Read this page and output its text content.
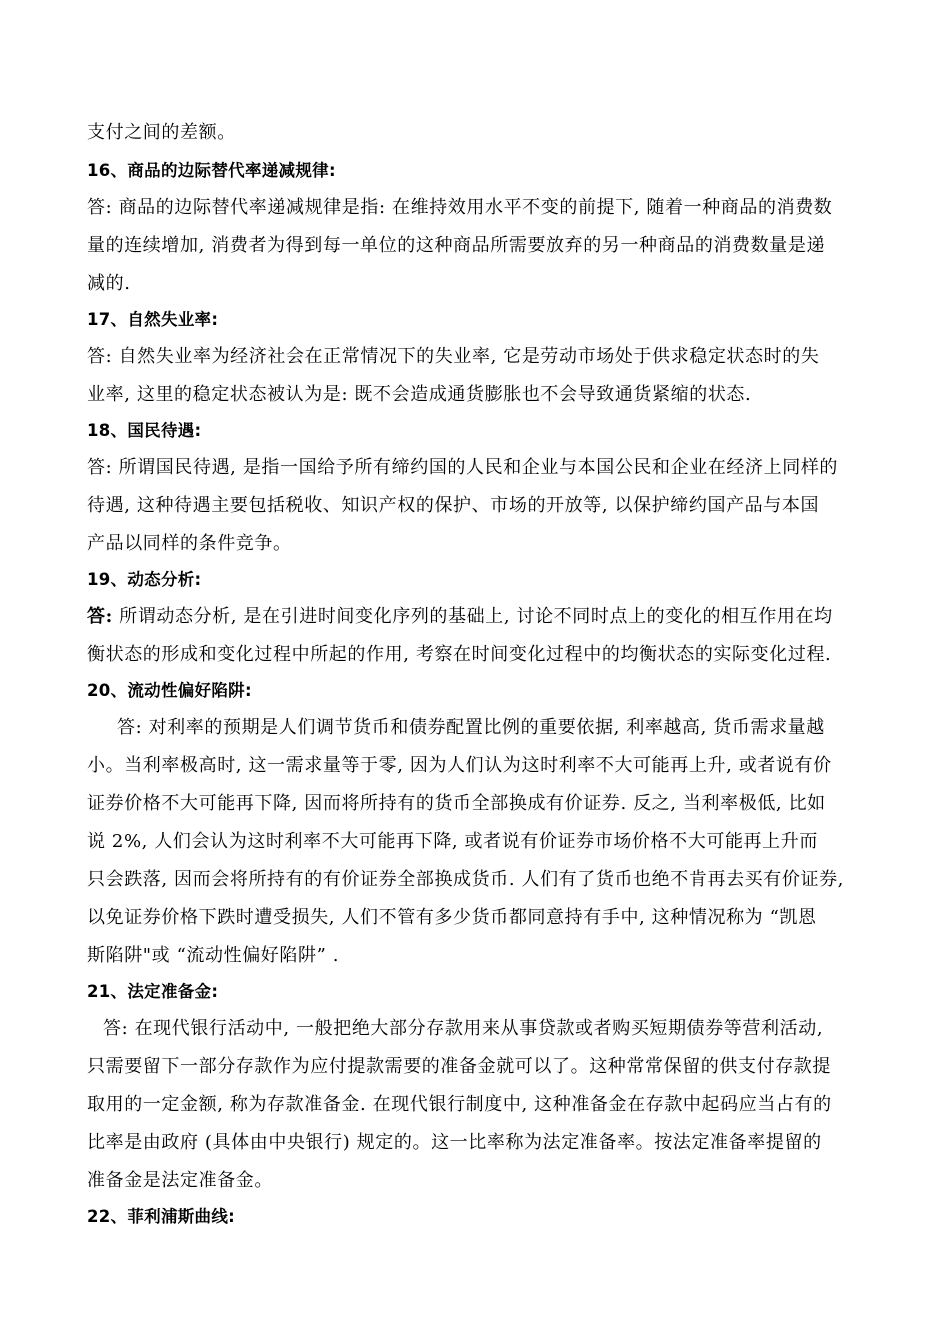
支付之间的差额。
16、商品的边际替代率递减规律:
答: 商品的边际替代率递减规律是指: 在维持效用水平不变的前提下, 随着一种商品的消费数
量的连续增加, 消费者为得到每一单位的这种商品所需要放弃的另一种商品的消费数量是递
减的.
17、自然失业率:
答: 自然失业率为经济社会在正常情况下的失业率, 它是劳动市场处于供求稳定状态时的失
业率, 这里的稳定状态被认为是: 既不会造成通货膨胀也不会导致通货紧缩的状态.
18、国民待遇:
答: 所谓国民待遇, 是指一国给予所有缔约国的人民和企业与本国公民和企业在经济上同样的
待遇, 这种待遇主要包括税收、知识产权的保护、市场的开放等, 以保护缔约国产品与本国
产品以同样的条件竞争。
19、动态分析:
答: 所谓动态分析, 是在引进时间变化序列的基础上, 讨论不同时点上的变化的相互作用在均
衡状态的形成和变化过程中所起的作用, 考察在时间变化过程中的均衡状态的实际变化过程.
20、流动性偏好陷阱:
答: 对利率的预期是人们调节货币和债券配置比例的重要依据, 利率越高, 货币需求量越
小。当利率极高时, 这一需求量等于零, 因为人们认为这时利率不大可能再上升, 或者说有价
证券价格不大可能再下降, 因而将所持有的货币全部换成有价证券. 反之, 当利率极低, 比如
说 2%, 人们会认为这时利率不大可能再下降, 或者说有价证券市场价格不大可能再上升而
只会跌落, 因而会将所持有的有价证券全部换成货币. 人们有了货币也绝不肯再去买有价证券,
以免证券价格下跌时遭受损失, 人们不管有多少货币都同意持有手中, 这种情况称为 “凯恩
斯陷阱"或 “流动性偏好陷阱” .
21、法定准备金:
答: 在现代银行活动中, 一般把绝大部分存款用来从事贷款或者购买短期债券等营利活动,
只需要留下一部分存款作为应付提款需要的准备金就可以了。这种常常保留的供支付存款提
取用的一定金额, 称为存款准备金. 在现代银行制度中, 这种准备金在存款中起码应当占有的
比率是由政府 (具体由中央银行) 规定的。这一比率称为法定准备率。按法定准备率提留的
准备金是法定准备金。
22、菲利浦斯曲线:
